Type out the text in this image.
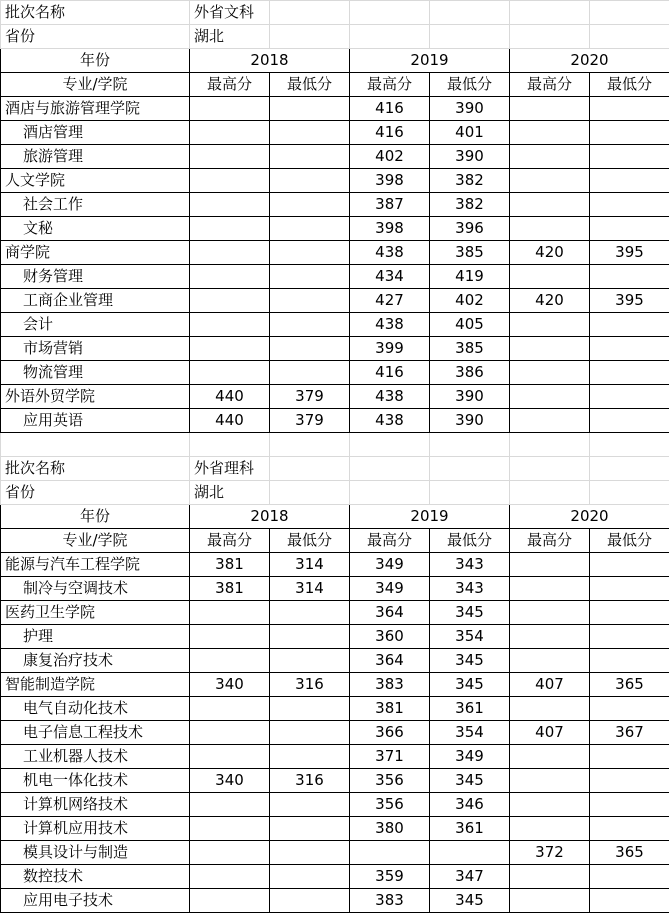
批次名称	外省文科					
省份	湖北					
年份	2018		2019		2020	
专业/学院	最高分	最低分	最高分	最低分	最高分	最低分
酒店与旅游管理学院			416	390		
酒店管理			416	401		
旅游管理			402	390		
人文学院			398	382		
社会工作			387	382		
文秘			398	396		
商学院			438	385	420	395
财务管理			434	419		
工商企业管理			427	402	420	395
会计			438	405		
市场营销			399	385		
物流管理			416	386		
外语外贸学院	440	379	438	390		
应用英语	440	379	438	390		

批次名称	外省理科					
省份	湖北					
年份	2018		2019		2020	
专业/学院	最高分	最低分	最高分	最低分	最高分	最低分
能源与汽车工程学院	381	314	349	343		
制冷与空调技术	381	314	349	343		
医药卫生学院			364	345		
护理			360	354		
康复治疗技术			364	345		
智能制造学院	340	316	383	345	407	365
电气自动化技术			381	361		
电子信息工程技术			366	354	407	367
工业机器人技术			371	349		
机电一体化技术	340	316	356	345		
计算机网络技术			356	346		
计算机应用技术			380	361		
模具设计与制造					372	365
数控技术			359	347		
应用电子技术			383	345		
